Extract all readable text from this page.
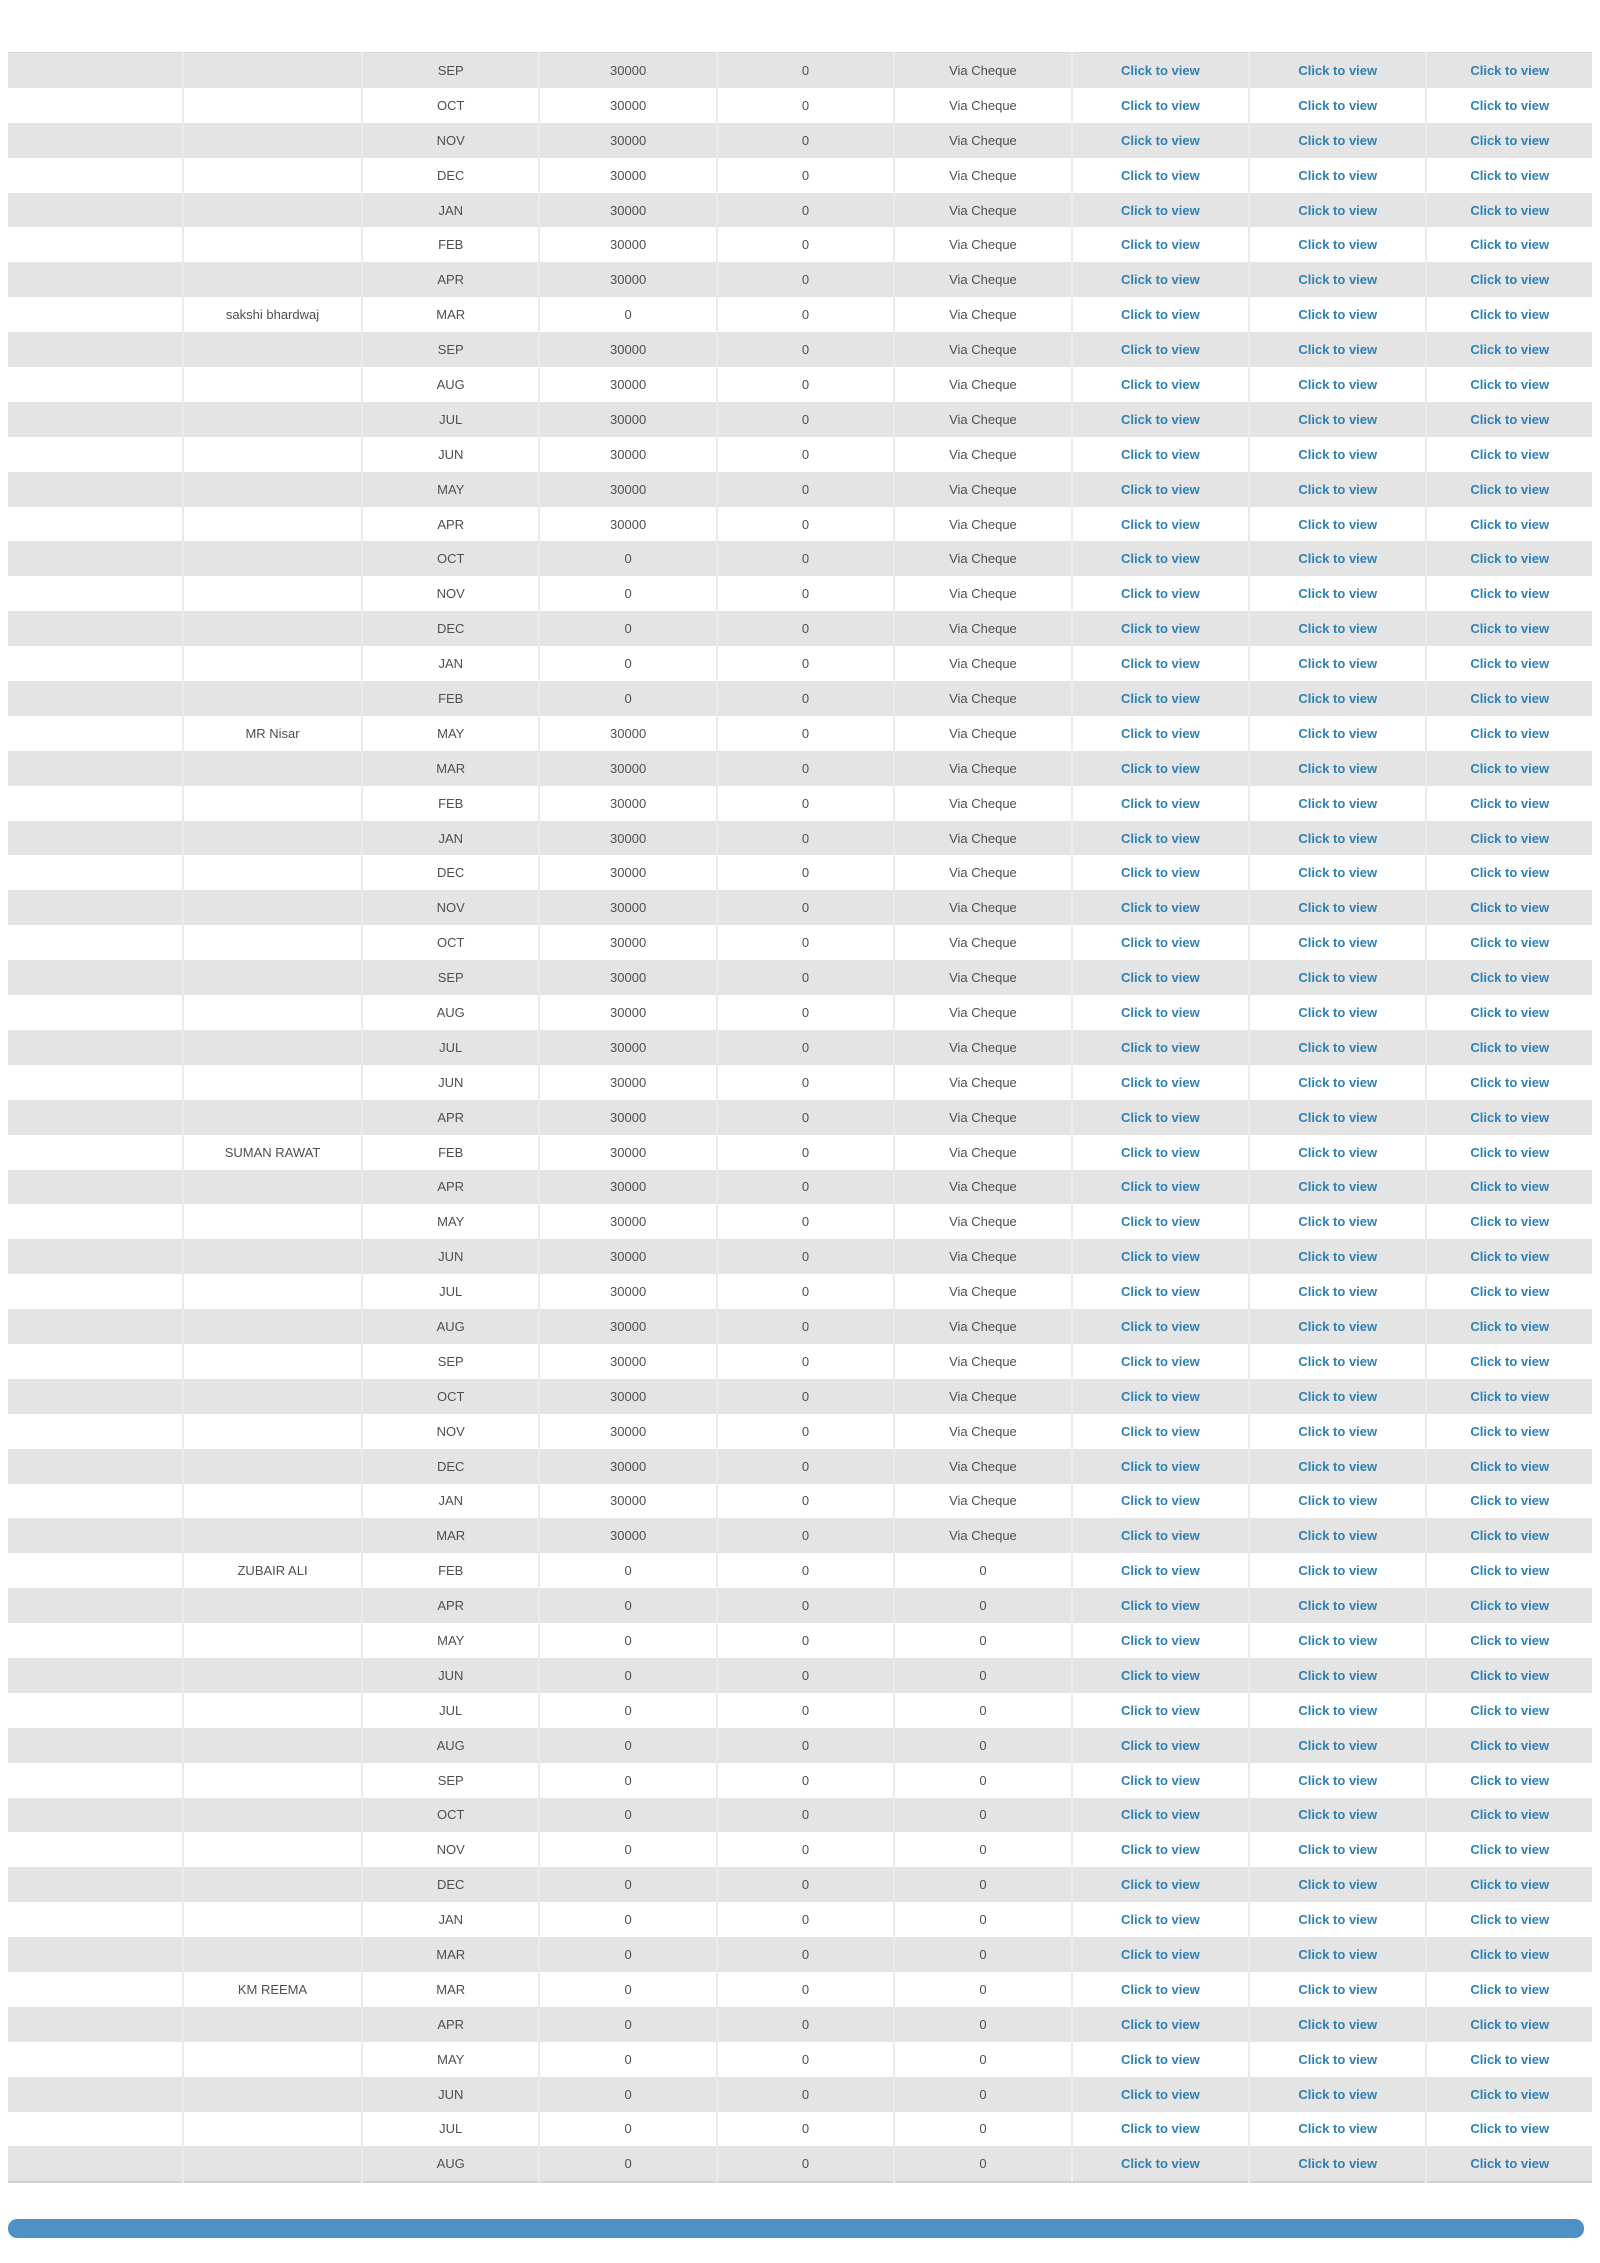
		SEP	30000	0	Via Cheque	Click to view	Click to view	Click to view
		OCT	30000	0	Via Cheque	Click to view	Click to view	Click to view
		NOV	30000	0	Via Cheque	Click to view	Click to view	Click to view
		DEC	30000	0	Via Cheque	Click to view	Click to view	Click to view
		JAN	30000	0	Via Cheque	Click to view	Click to view	Click to view
		FEB	30000	0	Via Cheque	Click to view	Click to view	Click to view
		APR	30000	0	Via Cheque	Click to view	Click to view	Click to view
	sakshi bhardwaj	MAR	0	0	Via Cheque	Click to view	Click to view	Click to view
		SEP	30000	0	Via Cheque	Click to view	Click to view	Click to view
		AUG	30000	0	Via Cheque	Click to view	Click to view	Click to view
		JUL	30000	0	Via Cheque	Click to view	Click to view	Click to view
		JUN	30000	0	Via Cheque	Click to view	Click to view	Click to view
		MAY	30000	0	Via Cheque	Click to view	Click to view	Click to view
		APR	30000	0	Via Cheque	Click to view	Click to view	Click to view
		OCT	0	0	Via Cheque	Click to view	Click to view	Click to view
		NOV	0	0	Via Cheque	Click to view	Click to view	Click to view
		DEC	0	0	Via Cheque	Click to view	Click to view	Click to view
		JAN	0	0	Via Cheque	Click to view	Click to view	Click to view
		FEB	0	0	Via Cheque	Click to view	Click to view	Click to view
	MR Nisar	MAY	30000	0	Via Cheque	Click to view	Click to view	Click to view
		MAR	30000	0	Via Cheque	Click to view	Click to view	Click to view
		FEB	30000	0	Via Cheque	Click to view	Click to view	Click to view
		JAN	30000	0	Via Cheque	Click to view	Click to view	Click to view
		DEC	30000	0	Via Cheque	Click to view	Click to view	Click to view
		NOV	30000	0	Via Cheque	Click to view	Click to view	Click to view
		OCT	30000	0	Via Cheque	Click to view	Click to view	Click to view
		SEP	30000	0	Via Cheque	Click to view	Click to view	Click to view
		AUG	30000	0	Via Cheque	Click to view	Click to view	Click to view
		JUL	30000	0	Via Cheque	Click to view	Click to view	Click to view
		JUN	30000	0	Via Cheque	Click to view	Click to view	Click to view
		APR	30000	0	Via Cheque	Click to view	Click to view	Click to view
	SUMAN RAWAT	FEB	30000	0	Via Cheque	Click to view	Click to view	Click to view
		APR	30000	0	Via Cheque	Click to view	Click to view	Click to view
		MAY	30000	0	Via Cheque	Click to view	Click to view	Click to view
		JUN	30000	0	Via Cheque	Click to view	Click to view	Click to view
		JUL	30000	0	Via Cheque	Click to view	Click to view	Click to view
		AUG	30000	0	Via Cheque	Click to view	Click to view	Click to view
		SEP	30000	0	Via Cheque	Click to view	Click to view	Click to view
		OCT	30000	0	Via Cheque	Click to view	Click to view	Click to view
		NOV	30000	0	Via Cheque	Click to view	Click to view	Click to view
		DEC	30000	0	Via Cheque	Click to view	Click to view	Click to view
		JAN	30000	0	Via Cheque	Click to view	Click to view	Click to view
		MAR	30000	0	Via Cheque	Click to view	Click to view	Click to view
	ZUBAIR ALI	FEB	0	0	0	Click to view	Click to view	Click to view
		APR	0	0	0	Click to view	Click to view	Click to view
		MAY	0	0	0	Click to view	Click to view	Click to view
		JUN	0	0	0	Click to view	Click to view	Click to view
		JUL	0	0	0	Click to view	Click to view	Click to view
		AUG	0	0	0	Click to view	Click to view	Click to view
		SEP	0	0	0	Click to view	Click to view	Click to view
		OCT	0	0	0	Click to view	Click to view	Click to view
		NOV	0	0	0	Click to view	Click to view	Click to view
		DEC	0	0	0	Click to view	Click to view	Click to view
		JAN	0	0	0	Click to view	Click to view	Click to view
		MAR	0	0	0	Click to view	Click to view	Click to view
	KM REEMA	MAR	0	0	0	Click to view	Click to view	Click to view
		APR	0	0	0	Click to view	Click to view	Click to view
		MAY	0	0	0	Click to view	Click to view	Click to view
		JUN	0	0	0	Click to view	Click to view	Click to view
		JUL	0	0	0	Click to view	Click to view	Click to view
		AUG	0	0	0	Click to view	Click to view	Click to view
